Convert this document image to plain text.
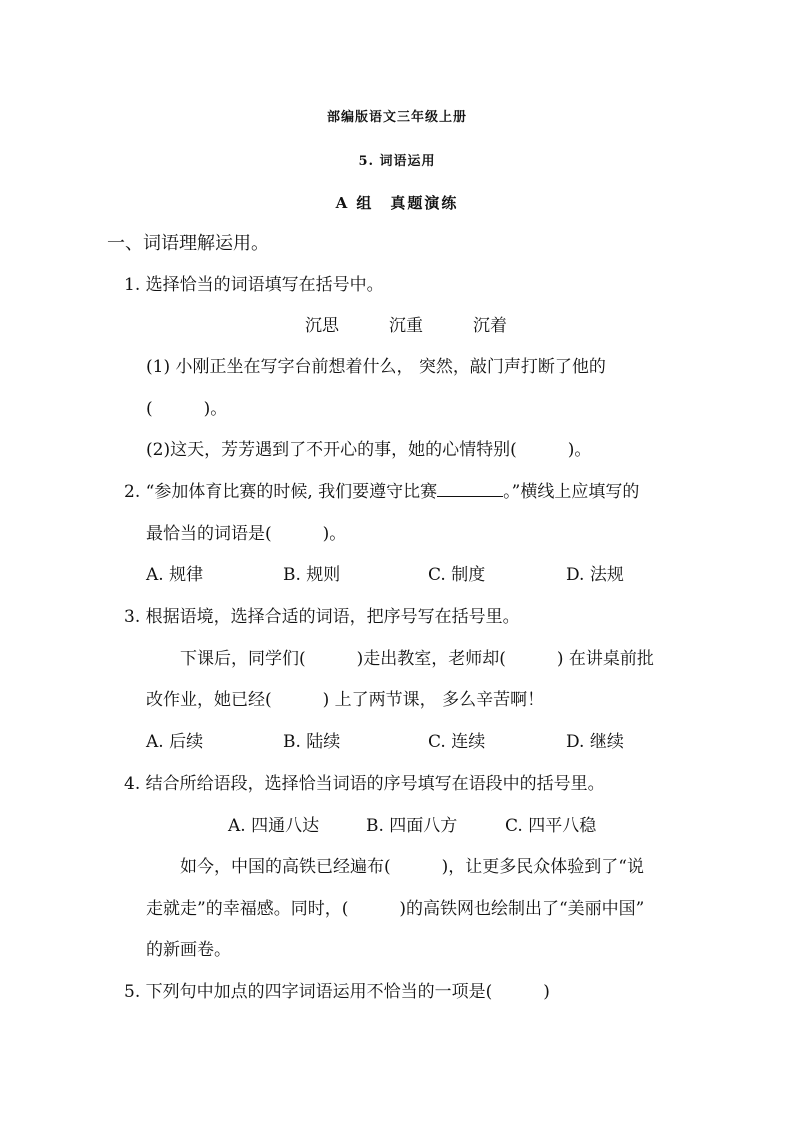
部编版语文三年级上册
5. 词语运用
A 组　真题演练
一、词语理解运用。
1. 选择恰当的词语填写在括号中。
沉思	沉重	沉着
(1) 小刚正坐在写字台前想着什么， 突然，敲门声打断了他的
(　　　)。
(2)这天，芳芳遇到了不开心的事，她的心情特别(　　　)。
2. “参加体育比赛的时候, 我们要遵守比赛	。”横线上应填写的
最恰当的词语是(　　　)。
A. 规律	B. 规则	C. 制度	D. 法规
3. 根据语境，选择合适的词语，把序号写在括号里。
下课后，同学们(　　　)走出教室，老师却(　　　) 在讲桌前批
改作业，她已经(　　　) 上了两节课， 多么辛苦啊！
A. 后续	B. 陆续	C. 连续	D. 继续
4. 结合所给语段，选择恰当词语的序号填写在语段中的括号里。
A. 四通八达	B. 四面八方	C. 四平八稳
如今，中国的高铁已经遍布(　　　)，让更多民众体验到了“说
走就走”的幸福感。同时，(　　　)的高铁网也绘制出了“美丽中国”
的新画卷。
5. 下列句中加点的四字词语运用不恰当的一项是(　　　)
